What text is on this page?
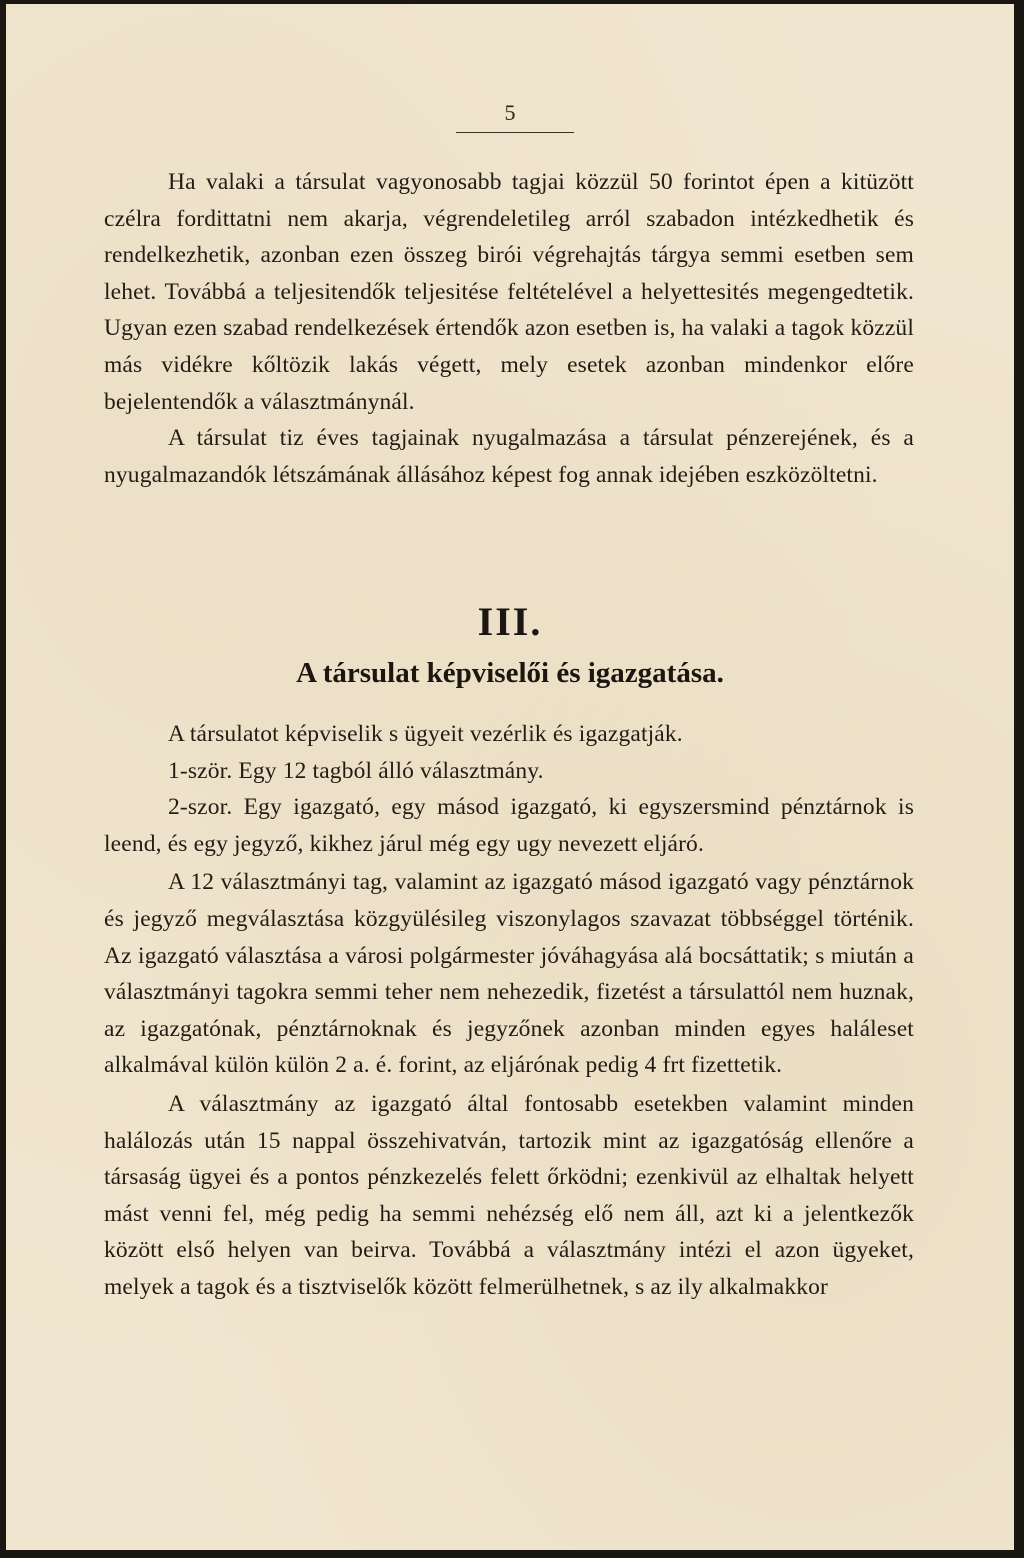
5

Ha valaki a társulat vagyonosabb tagjai közzül 50 forintot épen a kitüzött czélra fordittatni nem akarja, végrendeletileg arról szabadon intézkedhetik és rendelkezhetik, azonban ezen összeg birói végrehajtás tárgya semmi esetben sem lehet. Továbbá a teljesitendők teljesitése feltételével a helyettesités megengedtetik. Ugyan ezen szabad rendelkezések értendők azon esetben is, ha valaki a tagok közzül más vidékre kőltözik lakás végett, mely esetek azonban mindenkor előre bejelentendők a választmánynál.

A társulat tiz éves tagjainak nyugalmazása a társulat pénzerejének, és a nyugalmazandók létszámának állásához képest fog annak idejében eszközöltetni.

III.
A társulat képviselői és igazgatása.

A társulatot képviselik s ügyeit vezérlik és igazgatják.

1-ször. Egy 12 tagból álló választmány.

2-szor. Egy igazgató, egy másod igazgató, ki egyszersmind pénztárnok is leend, és egy jegyző, kikhez járul még egy ugy nevezett eljáró.

A 12 választmányi tag, valamint az igazgató másod igazgató vagy pénztárnok és jegyző megválasztása közgyülésileg viszonylagos szavazat többséggel történik. Az igazgató választása a városi polgármester jóváhagyása alá bocsáttatik; s miután a választmányi tagokra semmi teher nem nehezedik, fizetést a társulattól nem huznak, az igazgatónak, pénztárnoknak és jegyzőnek azonban minden egyes haláleset alkalmával külön külön 2 a. é. forint, az eljárónak pedig 4 frt fizettetik.

A választmány az igazgató által fontosabb esetekben valamint minden halálozás után 15 nappal összehivatván, tartozik mint az igazgatóság ellenőre a társaság ügyei és a pontos pénzkezelés felett őrködni; ezenkivül az elhaltak helyett mást venni fel, még pedig ha semmi nehézség elő nem áll, azt ki a jelentkezők között első helyen van beirva. Továbbá a választmány intézi el azon ügyeket, melyek a tagok és a tisztviselők között felmerülhetnek, s az ily alkalmakkor
